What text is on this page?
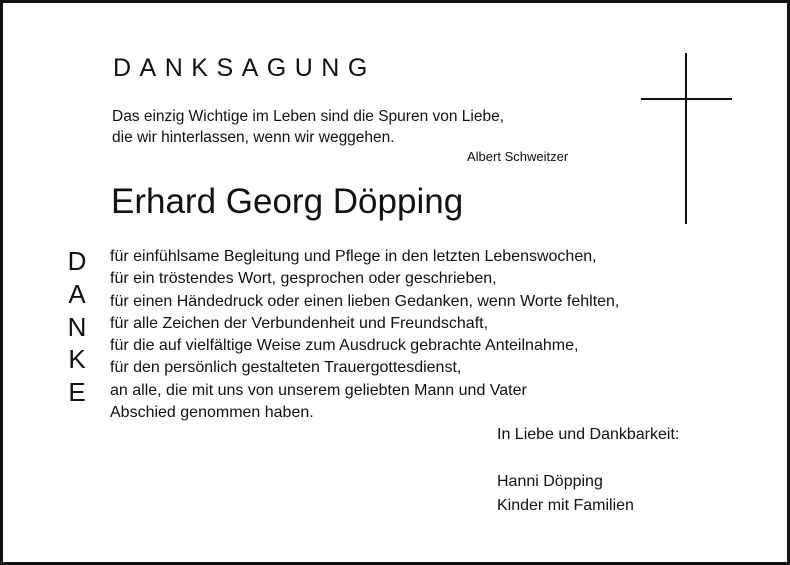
DANKSAGUNG
Das einzig Wichtige im Leben sind die Spuren von Liebe,
die wir hinterlassen, wenn wir weggehen.
Albert Schweitzer
Erhard Georg Döpping
D
A
N
K
E
für einfühlsame Begleitung und Pflege in den letzten Lebenswochen,
für ein tröstendes Wort, gesprochen oder geschrieben,
für einen Händedruck oder einen lieben Gedanken, wenn Worte fehlten,
für alle Zeichen der Verbundenheit und Freundschaft,
für die auf vielfältige Weise zum Ausdruck gebrachte Anteilnahme,
für den persönlich gestalteten Trauergottesdienst,
an alle, die mit uns von unserem geliebten Mann und Vater
Abschied genommen haben.
In Liebe und Dankbarkeit:
Hanni Döpping
Kinder mit Familien
